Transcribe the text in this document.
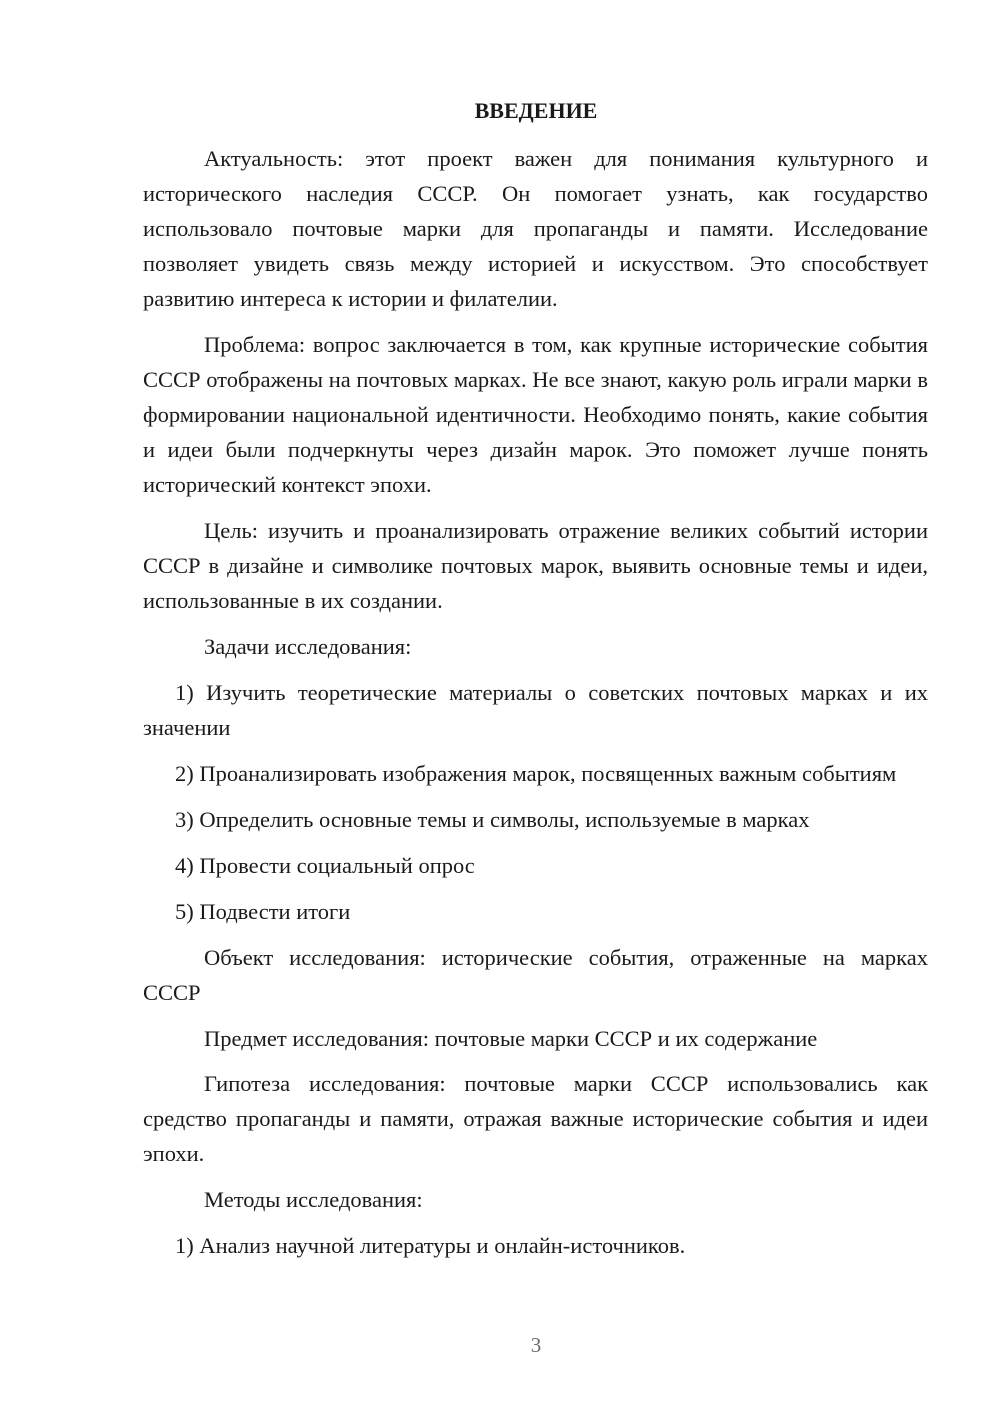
ВВЕДЕНИЕ

Актуальность: этот проект важен для понимания культурного и исторического наследия СССР. Он помогает узнать, как государство использовало почтовые марки для пропаганды и памяти. Исследование позволяет увидеть связь между историей и искусством. Это способствует развитию интереса к истории и филателии.

Проблема: вопрос заключается в том, как крупные исторические события СССР отображены на почтовых марках. Не все знают, какую роль играли марки в формировании национальной идентичности. Необходимо понять, какие события и идеи были подчеркнуты через дизайн марок. Это поможет лучше понять исторический контекст эпохи.

Цель: изучить и проанализировать отражение великих событий истории СССР в дизайне и символике почтовых марок, выявить основные темы и идеи, использованные в их создании.

Задачи исследования:

1) Изучить теоретические материалы о советских почтовых марках и их значении

2) Проанализировать изображения марок, посвященных важным событиям

3) Определить основные темы и символы, используемые в марках

4) Провести социальный опрос

5) Подвести итоги

Объект исследования: исторические события, отраженные на марках СССР

Предмет исследования: почтовые марки СССР и их содержание

Гипотеза исследования: почтовые марки СССР использовались как средство пропаганды и памяти, отражая важные исторические события и идеи эпохи.

Методы исследования:

1) Анализ научной литературы и онлайн-источников.

3
